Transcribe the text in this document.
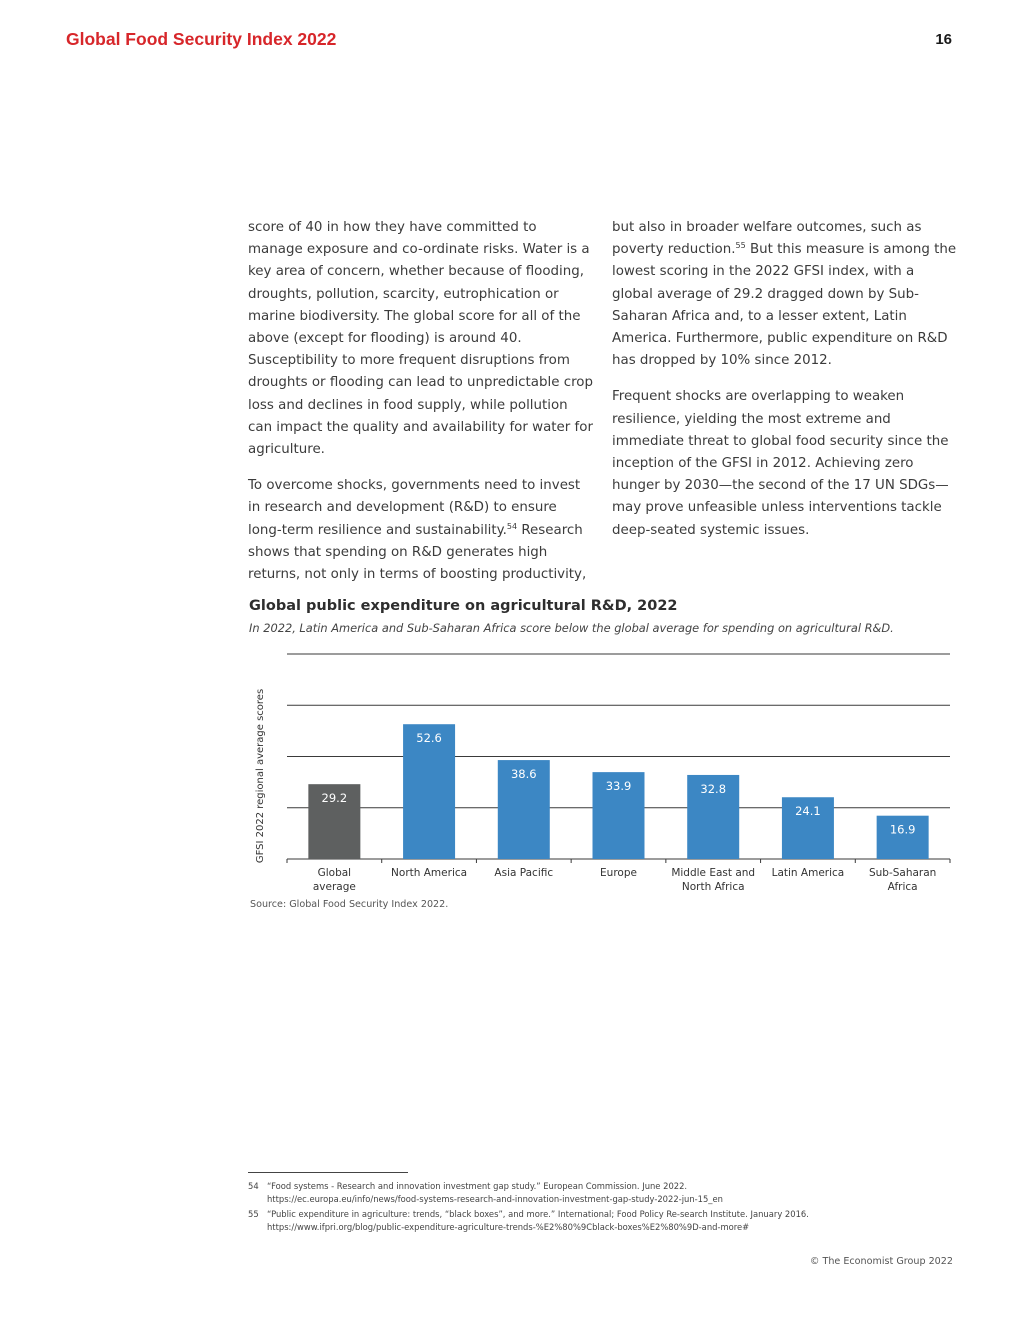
Global Food Security Index 2022	16

score of 40 in how they have committed to manage exposure and co-ordinate risks. Water is a key area of concern, whether because of flooding, droughts, pollution, scarcity, eutrophication or marine biodiversity. The global score for all of the above (except for flooding) is around 40. Susceptibility to more frequent disruptions from droughts or flooding can lead to unpredictable crop loss and declines in food supply, while pollution can impact the quality and availability for water for agriculture.

To overcome shocks, governments need to invest in research and development (R&D) to ensure long-term resilience and sustainability.$^{54}$ Research shows that spending on R&D generates high returns, not only in terms of boosting productivity,

but also in broader welfare outcomes, such as poverty reduction.$^{55}$ But this measure is among the lowest scoring in the 2022 GFSI index, with a global average of 29.2 dragged down by Sub-Saharan Africa and, to a lesser extent, Latin America. Furthermore, public expenditure on R&D has dropped by 10% since 2012.

Frequent shocks are overlapping to weaken resilience, yielding the most extreme and immediate threat to global food security since the inception of the GFSI in 2012. Achieving zero hunger by 2030—the second of the 17 UN SDGs—may prove unfeasible unless interventions tackle deep-seated systemic issues.

Global public expenditure on agricultural R&D, 2022
In 2022, Latin America and Sub-Saharan Africa score below the global average for spending on agricultural R&D.
29.2
Global
average
52.6
North America
38.6
Asia Pacific
33.9
Europe
32.8
Middle East and
North Africa
24.1
Latin America
16.9
Sub-Saharan
Africa
GFSI 2022 regional average scores
Source: Global Food Security Index 2022.
54 “Food systems - Research and innovation investment gap study.” European Commission. June 2022.
https://ec.europa.eu/info/news/food-systems-research-and-innovation-investment-gap-study-2022-jun-15_en
55 “Public expenditure in agriculture: trends, “black boxes”, and more.” International; Food Policy Re-search Institute. January 2016.
https://www.ifpri.org/blog/public-expenditure-agriculture-trends-%E2%80%9Cblack-boxes%E2%80%9D-and-more#
© The Economist Group 2022
